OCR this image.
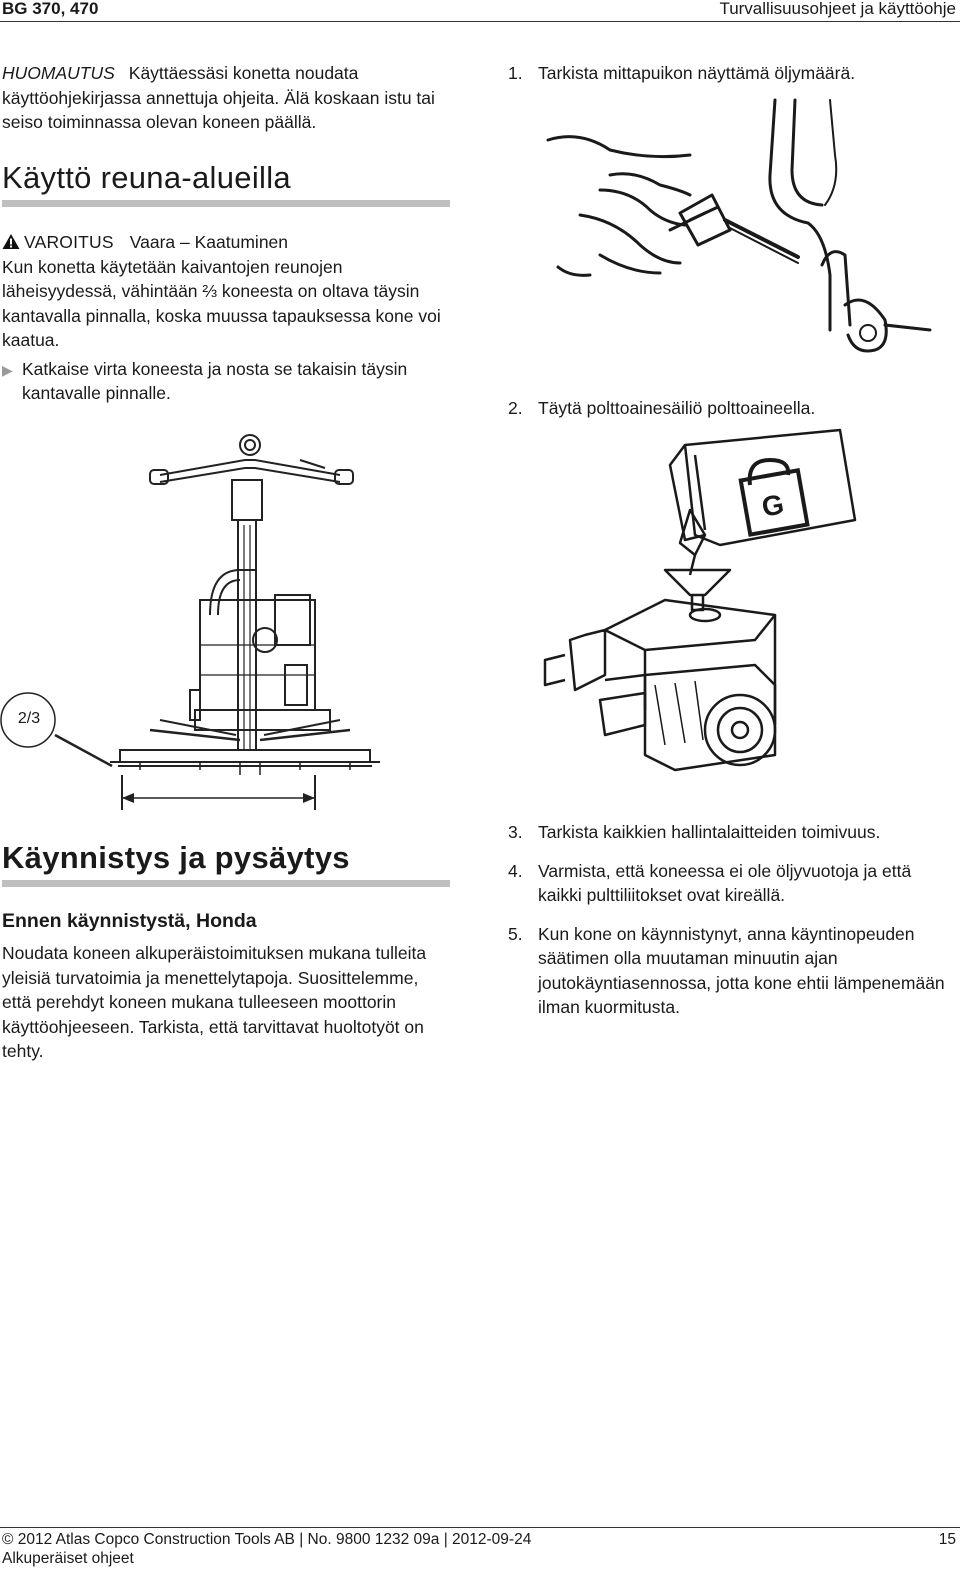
BG 370, 470	Turvallisuusohjeet ja käyttöohje
HUOMAUTUS Käyttäessäsi konetta noudata käyttöohjekirjassa annettuja ohjeita. Älä koskaan istu tai seiso toiminnassa olevan koneen päällä.
Käyttö reuna-alueilla
VAROITUS Vaara – Kaatuminen
Kun konetta käytetään kaivantojen reunojen läheisyydessä, vähintään ⅔ koneesta on oltava täysin kantavalla pinnalla, koska muussa tapauksessa kone voi kaatua.
▶ Katkaise virta koneesta ja nosta se takaisin täysin kantavalle pinnalle.
2/3
1. Tarkista mittapuikon näyttämä öljymäärä.
2. Täytä polttoainesäiliö polttoaineella.
G
Käynnistys ja pysäytys
Ennen käynnistystä, Honda
Noudata koneen alkuperäistoimituksen mukana tulleita yleisiä turvatoimia ja menettelytapoja. Suosittelemme, että perehdyt koneen mukana tulleeseen moottorin käyttöohjeeseen. Tarkista, että tarvittavat huoltotyöt on tehty.
3. Tarkista kaikkien hallintalaitteiden toimivuus.
4. Varmista, että koneessa ei ole öljyvuotoja ja että kaikki pulttiliitokset ovat kireällä.
5. Kun kone on käynnistynyt, anna käyntinopeuden säätimen olla muutaman minuutin ajan joutokäyntiasennossa, jotta kone ehtii lämpenemään ilman kuormitusta.
© 2012 Atlas Copco Construction Tools AB | No. 9800 1232 09a | 2012-09-24
Alkuperäiset ohjeet
15
